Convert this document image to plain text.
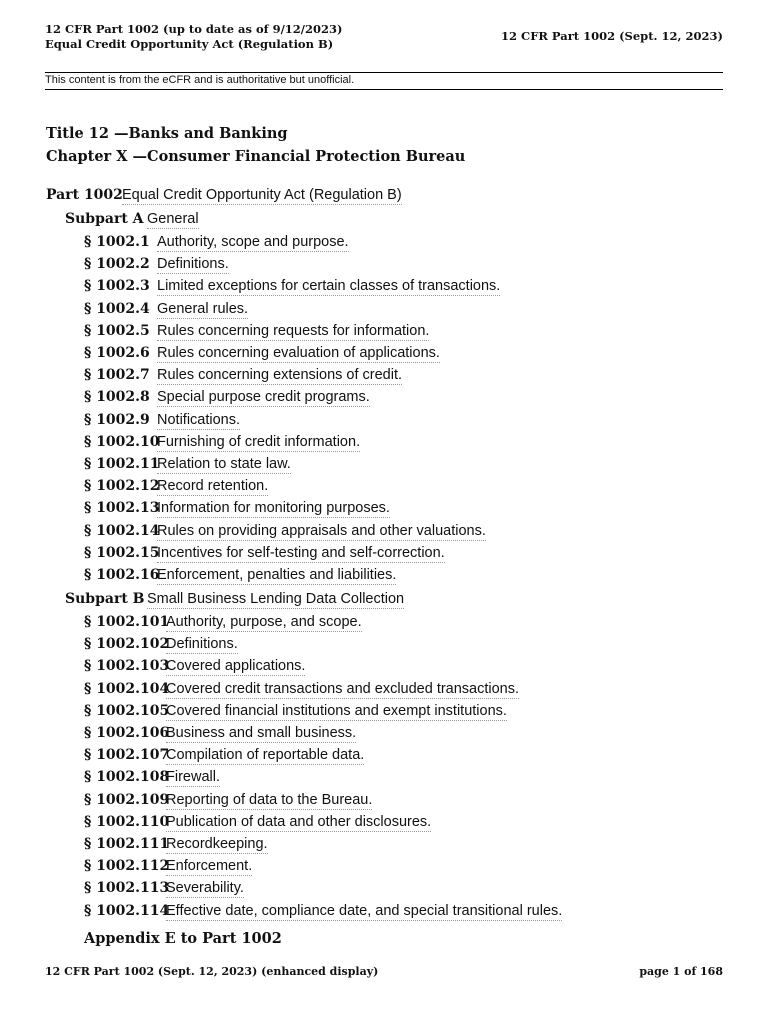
12 CFR Part 1002 (up to date as of 9/12/2023)
Equal Credit Opportunity Act (Regulation B)
12 CFR Part 1002 (Sept. 12, 2023)
This content is from the eCFR and is authoritative but unofficial.
Title 12 —Banks and Banking
Chapter X —Consumer Financial Protection Bureau
Part 1002Equal Credit Opportunity Act (Regulation B)
Subpart A General
§ 1002.1 Authority, scope and purpose.
§ 1002.2 Definitions.
§ 1002.3 Limited exceptions for certain classes of transactions.
§ 1002.4 General rules.
§ 1002.5 Rules concerning requests for information.
§ 1002.6 Rules concerning evaluation of applications.
§ 1002.7 Rules concerning extensions of credit.
§ 1002.8 Special purpose credit programs.
§ 1002.9 Notifications.
§ 1002.10Furnishing of credit information.
§ 1002.11Relation to state law.
§ 1002.12Record retention.
§ 1002.13Information for monitoring purposes.
§ 1002.14Rules on providing appraisals and other valuations.
§ 1002.15Incentives for self-testing and self-correction.
§ 1002.16Enforcement, penalties and liabilities.
Subpart B Small Business Lending Data Collection
§ 1002.101Authority, purpose, and scope.
§ 1002.102Definitions.
§ 1002.103Covered applications.
§ 1002.104Covered credit transactions and excluded transactions.
§ 1002.105Covered financial institutions and exempt institutions.
§ 1002.106Business and small business.
§ 1002.107Compilation of reportable data.
§ 1002.108Firewall.
§ 1002.109Reporting of data to the Bureau.
§ 1002.110Publication of data and other disclosures.
§ 1002.111Recordkeeping.
§ 1002.112Enforcement.
§ 1002.113Severability.
§ 1002.114Effective date, compliance date, and special transitional rules.
Appendix E to Part 1002
12 CFR Part 1002 (Sept. 12, 2023) (enhanced display)	page 1 of 168
